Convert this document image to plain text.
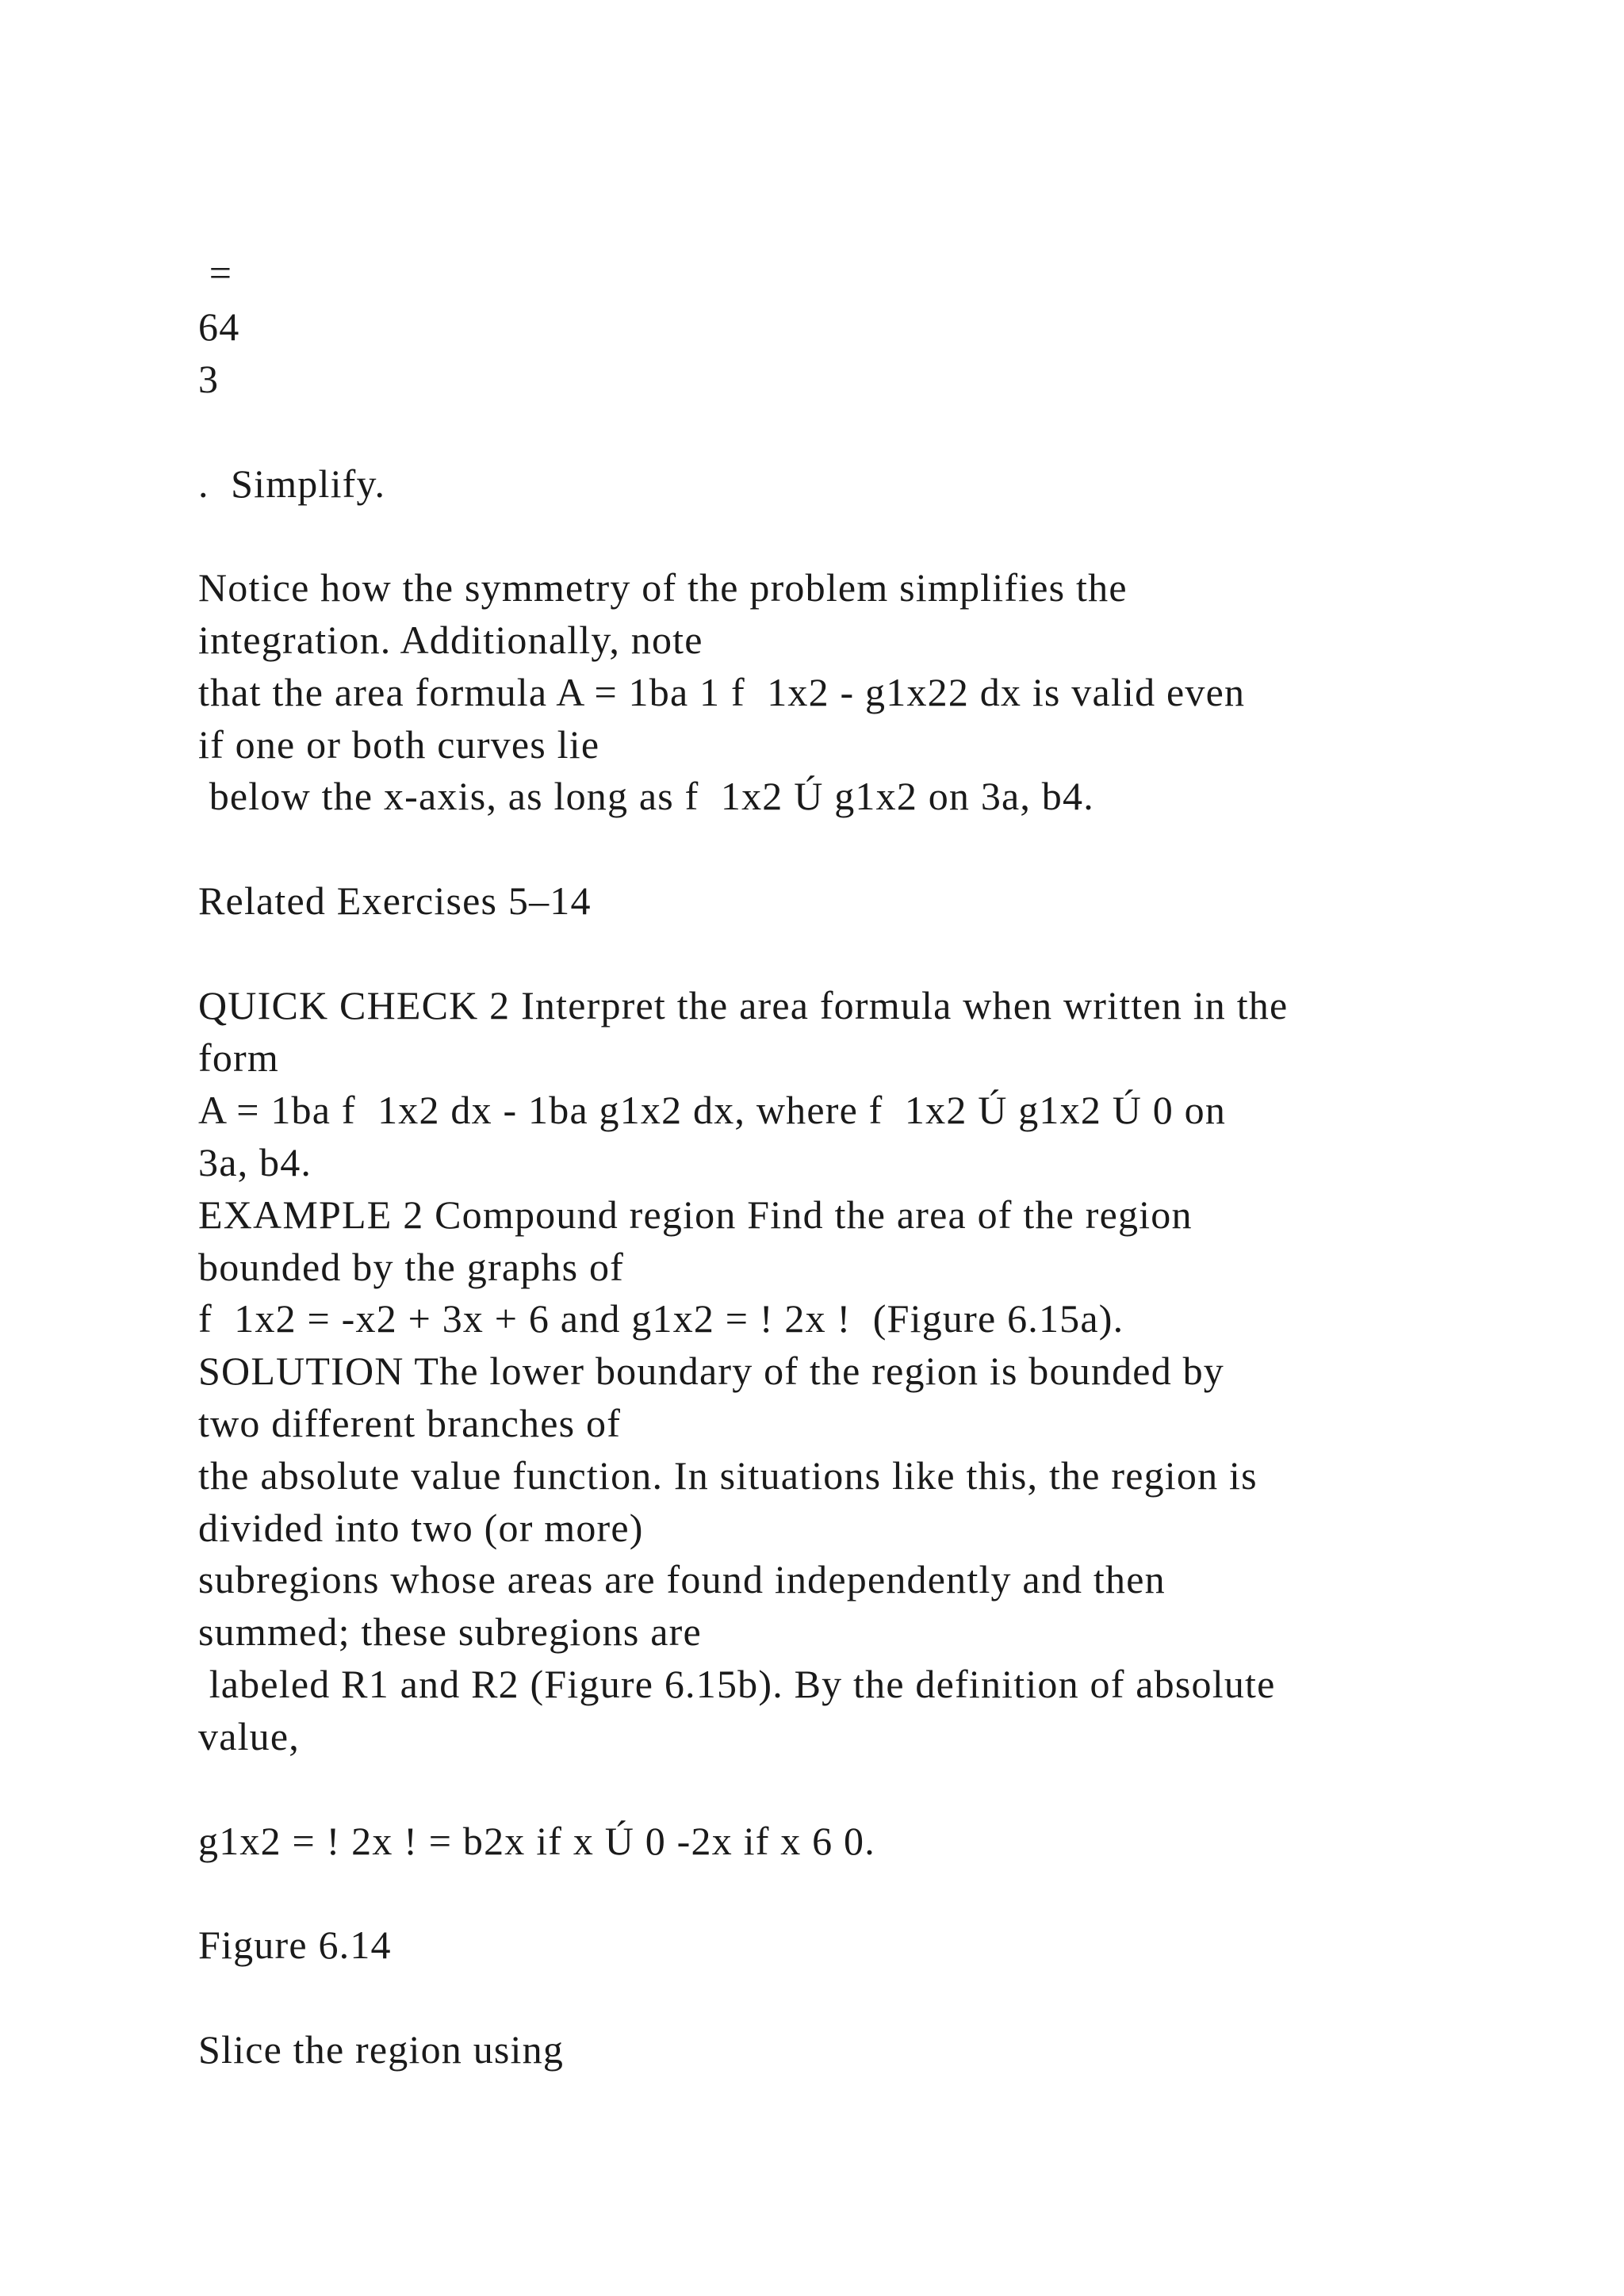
=

64

3

.  Simplify.

Notice how the symmetry of the problem simplifies the

integration. Additionally, note

that the area formula A = 1ba 1 f  1x2 - g1x22 dx is valid even

if one or both curves lie

below the x-axis, as long as f  1x2 Ú g1x2 on 3a, b4.

Related Exercises 5–14

QUICK CHECK 2 Interpret the area formula when written in the

form

A = 1ba f  1x2 dx - 1ba g1x2 dx, where f  1x2 Ú g1x2 Ú 0 on

3a, b4.

EXAMPLE 2 Compound region Find the area of the region

bounded by the graphs of

f  1x2 = -x2 + 3x + 6 and g1x2 = ! 2x !  (Figure 6.15a).

SOLUTION The lower boundary of the region is bounded by

two different branches of

the absolute value function. In situations like this, the region is

divided into two (or more)

subregions whose areas are found independently and then

summed; these subregions are

labeled R1 and R2 (Figure 6.15b). By the definition of absolute

value,

g1x2 = ! 2x ! = b2x if x Ú 0 -2x if x 6 0.

Figure 6.14

Slice the region using
